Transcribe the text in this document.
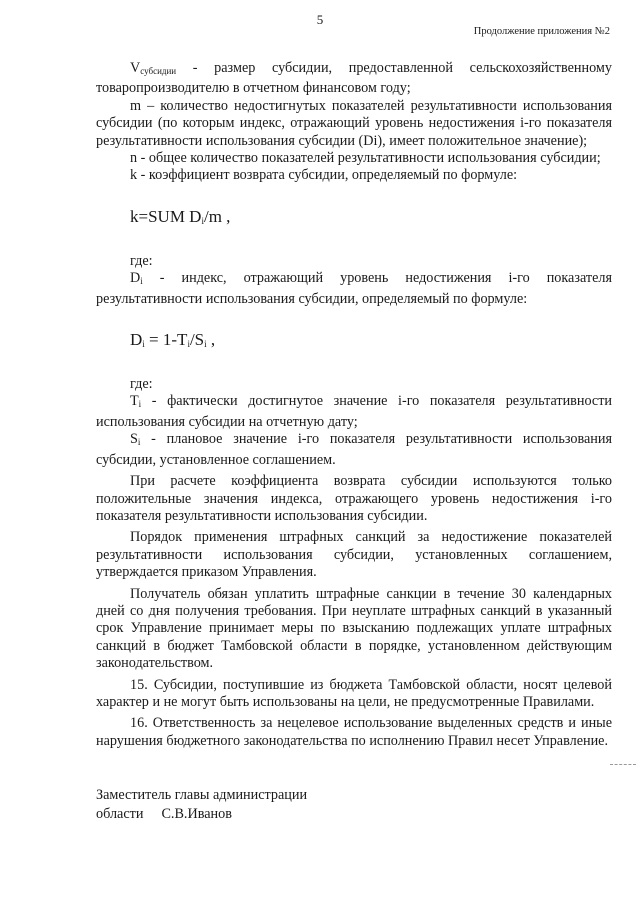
5
Продолжение приложения №2

$V_{субсидии}$ - размер субсидии, предоставленной сельскохозяйственному товаропроизводителю в отчетном финансовом году;

m – количество недостигнутых показателей результативности использования субсидии (по которым индекс, отражающий уровень недостижения i-го показателя результативности использования субсидии (Di), имеет положительное значение);

n - общее количество показателей результативности использования субсидии;

k - коэффициент возврата субсидии, определяемый по формуле:

k=SUM $D_i/m$ ,

где:

$D_i$ - индекс, отражающий уровень недостижения i-го показателя результативности использования субсидии, определяемый по формуле:

$D_i = 1-T_i/S_i$ ,

где:

$T_i$ - фактически достигнутое значение i-го показателя результативности использования субсидии на отчетную дату;

$S_i$ - плановое значение i-го показателя результативности использования субсидии, установленное соглашением.

При расчете коэффициента возврата субсидии используются только положительные значения индекса, отражающего уровень недостижения i-го показателя результативности использования субсидии.

Порядок применения штрафных санкций за недостижение показателей результативности использования субсидии, установленных соглашением, утверждается приказом Управления.

Получатель обязан уплатить штрафные санкции в течение 30 календарных дней со дня получения требования. При неуплате штрафных санкций в указанный срок Управление принимает меры по взысканию подлежащих уплате штрафных санкций в бюджет Тамбовской области в порядке, установленном действующим законодательством.

15. Субсидии, поступившие из бюджета Тамбовской области, носят целевой характер и не могут быть использованы на цели, не предусмотренные Правилами.

16. Ответственность за нецелевое использование выделенных средств и иные нарушения бюджетного законодательства по исполнению Правил несет Управление.

Заместитель главы администрации
области С.В.Иванов
